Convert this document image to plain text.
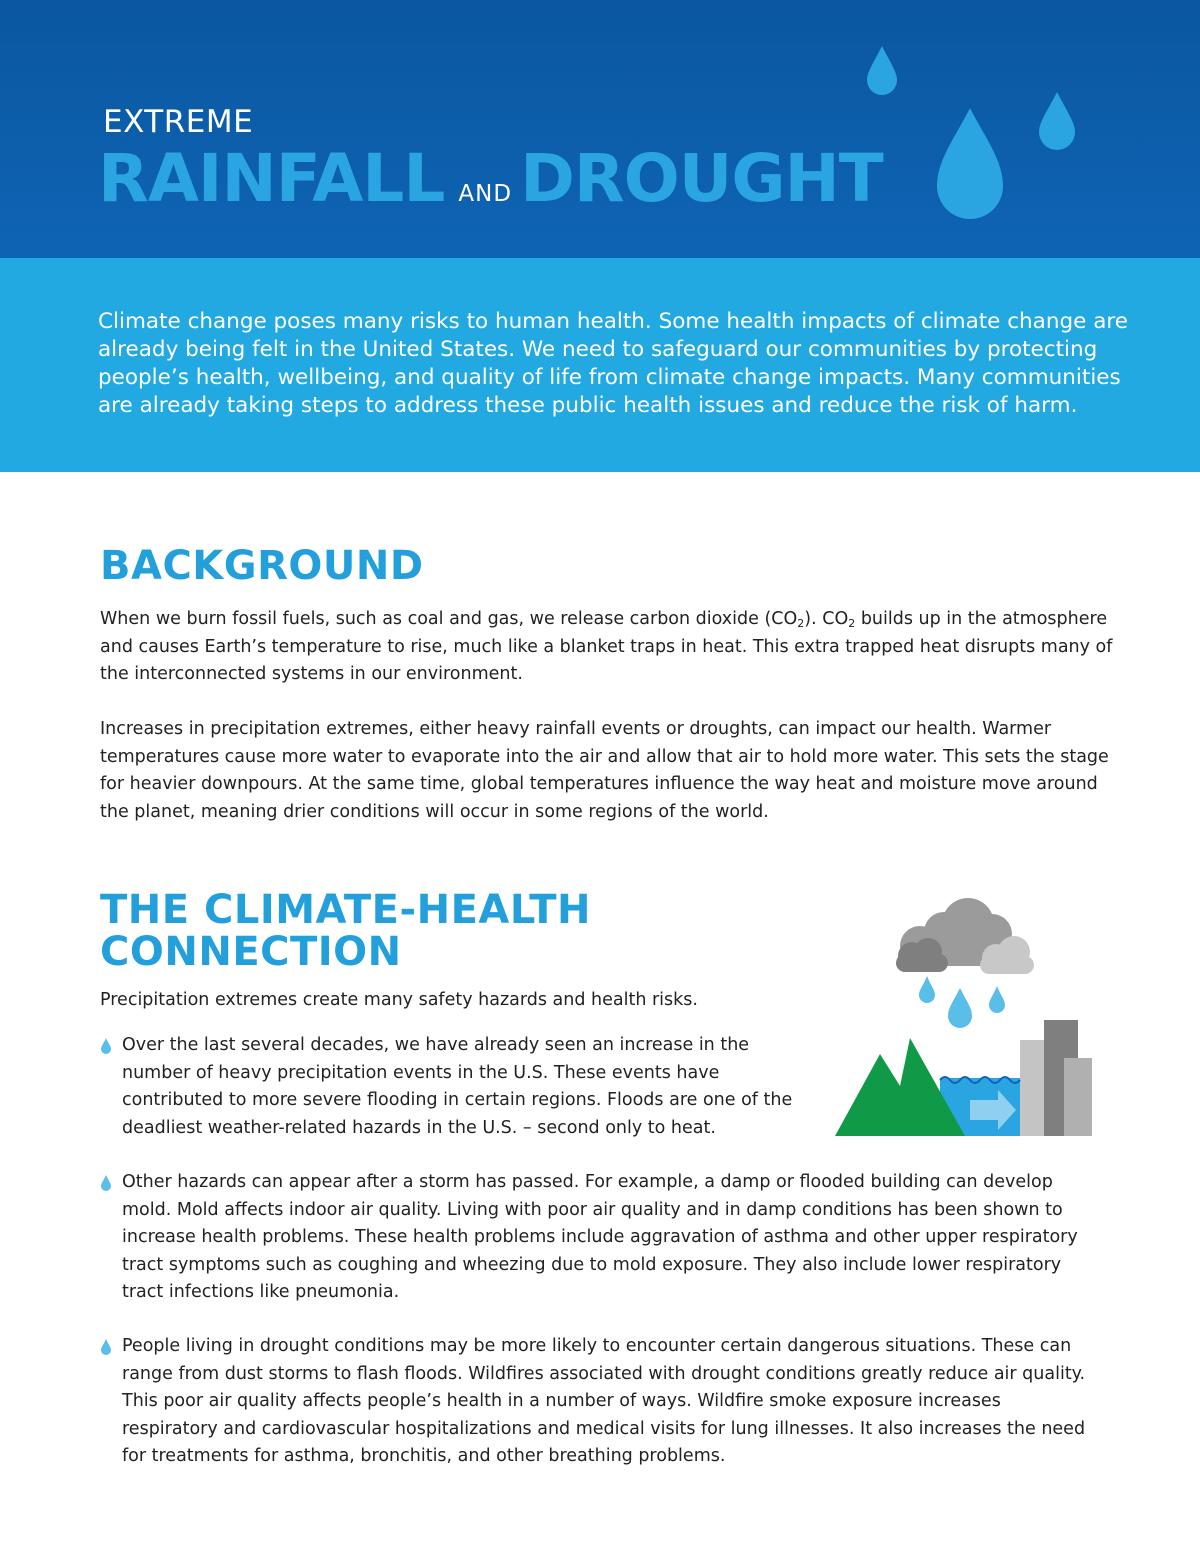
EXTREME
RAINFALL AND DROUGHT
Climate change poses many risks to human health. Some health impacts of climate change are already being felt in the United States. We need to safeguard our communities by protecting people’s health, wellbeing, and quality of life from climate change impacts. Many communities are already taking steps to address these public health issues and reduce the risk of harm.
BACKGROUND
When we burn fossil fuels, such as coal and gas, we release carbon dioxide $(CO_2)$. $CO_2$ builds up in the atmosphere and causes Earth’s temperature to rise, much like a blanket traps in heat. This extra trapped heat disrupts many of the interconnected systems in our environment.
Increases in precipitation extremes, either heavy rainfall events or droughts, can impact our health. Warmer temperatures cause more water to evaporate into the air and allow that air to hold more water. This sets the stage for heavier downpours. At the same time, global temperatures influence the way heat and moisture move around the planet, meaning drier conditions will occur in some regions of the world.
THE CLIMATE-HEALTH
CONNECTION
Precipitation extremes create many safety hazards and health risks.
Over the last several decades, we have already seen an increase in the number of heavy precipitation events in the U.S. These events have contributed to more severe flooding in certain regions. Floods are one of the deadliest weather-related hazards in the U.S. – second only to heat.
Other hazards can appear after a storm has passed. For example, a damp or flooded building can develop mold. Mold affects indoor air quality. Living with poor air quality and in damp conditions has been shown to increase health problems. These health problems include aggravation of asthma and other upper respiratory tract symptoms such as coughing and wheezing due to mold exposure. They also include lower respiratory tract infections like pneumonia.
People living in drought conditions may be more likely to encounter certain dangerous situations. These can range from dust storms to flash floods. Wildfires associated with drought conditions greatly reduce air quality. This poor air quality affects people’s health in a number of ways. Wildfire smoke exposure increases respiratory and cardiovascular hospitalizations and medical visits for lung illnesses. It also increases the need for treatments for asthma, bronchitis, and other breathing problems.
